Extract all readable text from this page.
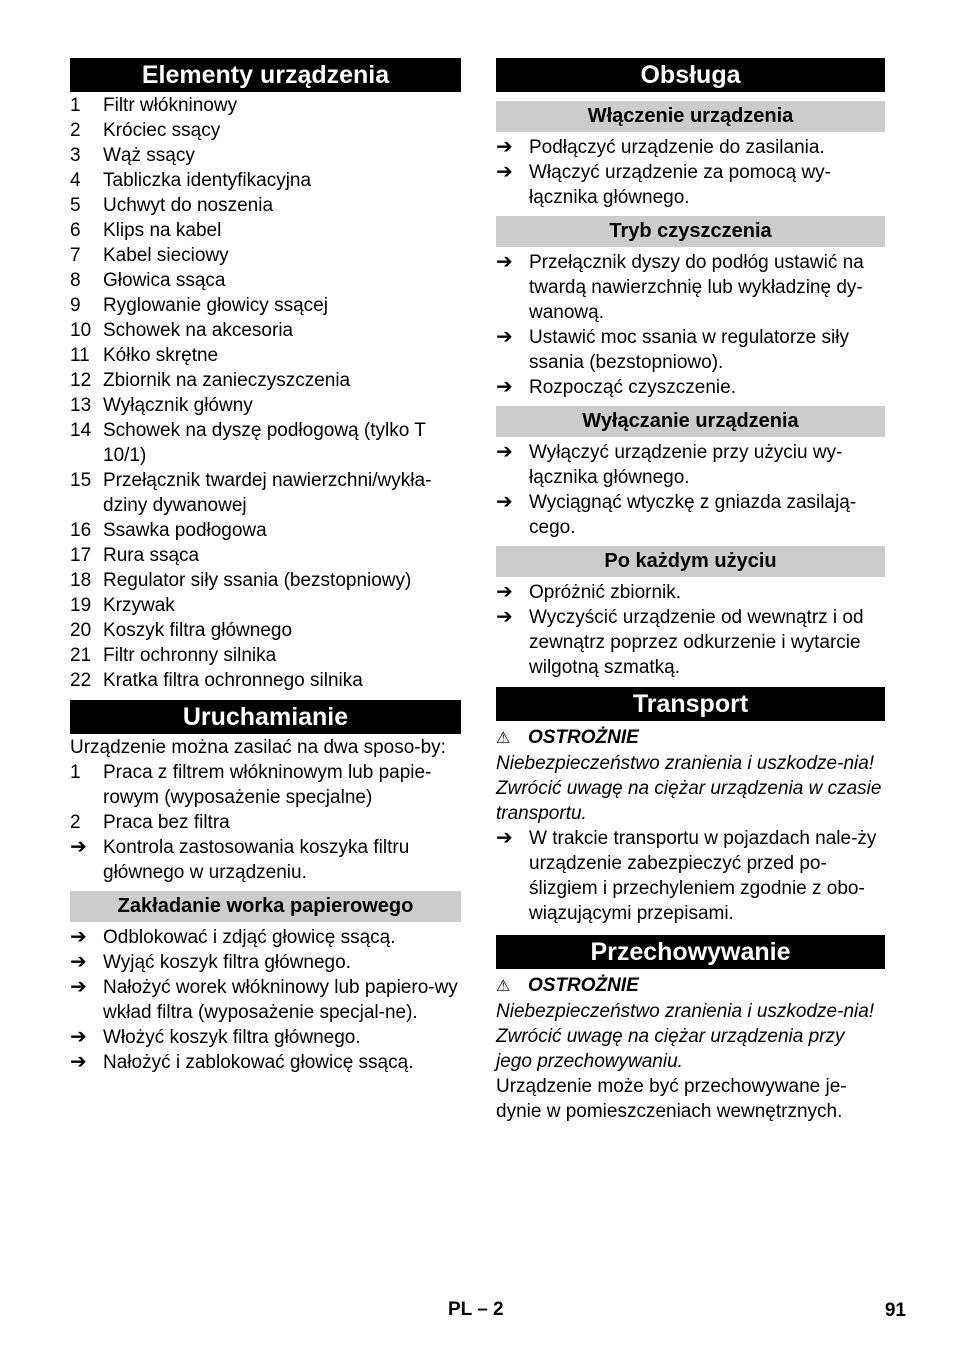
Elementy urządzenia
1 Filtr włókninowy
2 Króciec ssący
3 Wąż ssący
4 Tabliczka identyfikacyjna
5 Uchwyt do noszenia
6 Klips na kabel
7 Kabel sieciowy
8 Głowica ssąca
9 Ryglowanie głowicy ssącej
10 Schowek na akcesoria
11 Kółko skrętne
12 Zbiornik na zanieczyszczenia
13 Wyłącznik główny
14 Schowek na dyszę podłogową (tylko T 10/1)
15 Przełącznik twardej nawierzchni/wykła-dziny dywanowej
16 Ssawka podłogowa
17 Rura ssąca
18 Regulator siły ssania (bezstopniowy)
19 Krzywak
20 Koszyk filtra głównego
21 Filtr ochronny silnika
22 Kratka filtra ochronnego silnika
Uruchamianie
Urządzenie można zasilać na dwa sposo-by:
1 Praca z filtrem włókninowym lub papie-rowym (wyposażenie specjalne)
2 Praca bez filtra
➔ Kontrola zastosowania koszyka filtru głównego w urządzeniu.
Zakładanie worka papierowego
➔ Odblokować i zdjąć głowicę ssącą.
➔ Wyjąć koszyk filtra głównego.
➔ Nałożyć worek włókninowy lub papiero-wy wkład filtra (wyposażenie specjal-ne).
➔ Włożyć koszyk filtra głównego.
➔ Nałożyć i zablokować głowicę ssącą.
Obsługa
Włączenie urządzenia
➔ Podłączyć urządzenie do zasilania.
➔ Włączyć urządzenie za pomocą wy-łącznika głównego.
Tryb czyszczenia
➔ Przełącznik dyszy do podłóg ustawić na twardą nawierzchnię lub wykładzinę dy-wanową.
➔ Ustawić moc ssania w regulatorze siły ssania (bezstopniowo).
➔ Rozpocząć czyszczenie.
Wyłączanie urządzenia
➔ Wyłączyć urządzenie przy użyciu wy-łącznika głównego.
➔ Wyciągnąć wtyczkę z gniazda zasilają-cego.
Po każdym użyciu
➔ Opróżnić zbiornik.
➔ Wyczyścić urządzenie od wewnątrz i od zewnątrz poprzez odkurzenie i wytarcie wilgotną szmatką.
Transport
⚠ OSTROŻNIE
Niebezpieczeństwo zranienia i uszkodze-nia! Zwrócić uwagę na ciężar urządzenia w czasie transportu.
➔ W trakcie transportu w pojazdach nale-ży urządzenie zabezpieczyć przed po-ślizgiem i przechyleniem zgodnie z obo-wiązującymi przepisami.
Przechowywanie
⚠ OSTROŻNIE
Niebezpieczeństwo zranienia i uszkodze-nia! Zwrócić uwagę na ciężar urządzenia przy jego przechowywaniu.
Urządzenie może być przechowywane je-dynie w pomieszczeniach wewnętrznych.
PL – 2	91
